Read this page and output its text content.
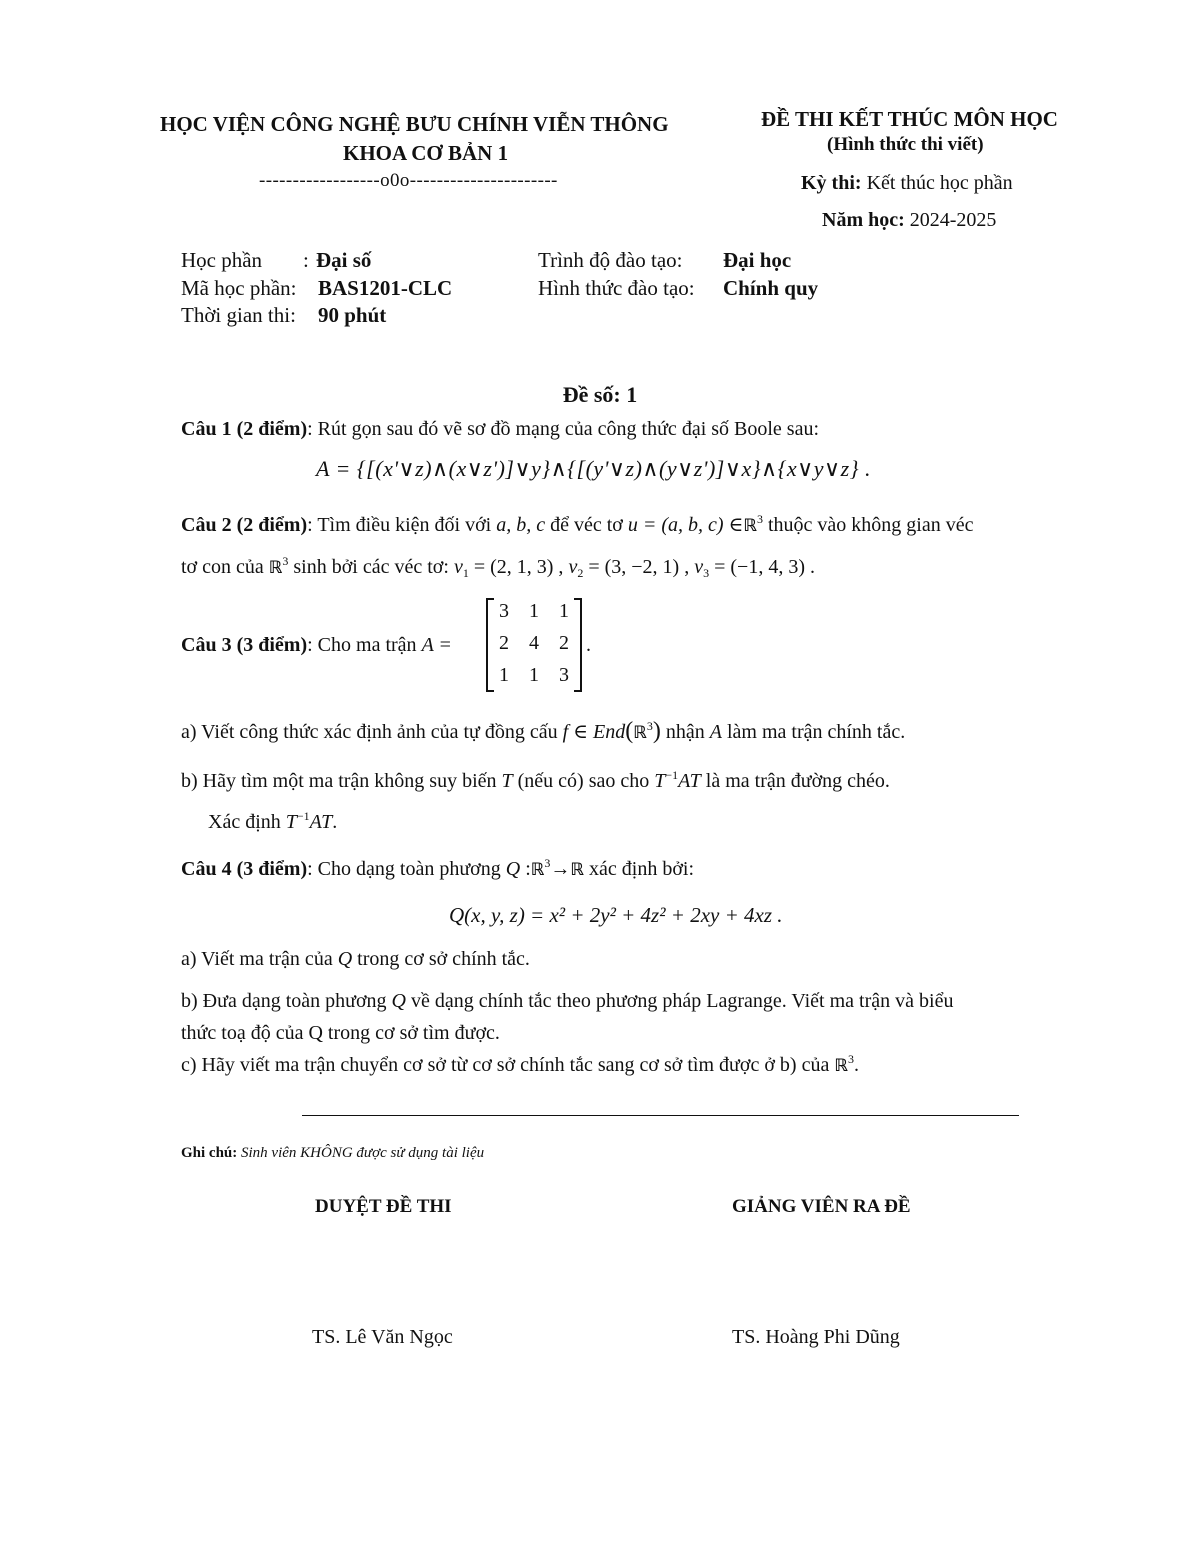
HỌC VIỆN CÔNG NGHỆ BƯU CHÍNH VIỄN THÔNG
KHOA CƠ BẢN 1
------------------o0o----------------------
ĐỀ THI KẾT THÚC MÔN HỌC
(Hình thức thi viết)
Kỳ thi: Kết thúc học phần
Năm học: 2024-2025
Học phần : Đại số
Mã học phần: BAS1201-CLC
Thời gian thi: 90 phút
Trình độ đào tạo: Đại học
Hình thức đào tạo: Chính quy
Đề số: 1
Câu 1 (2 điểm): Rút gọn sau đó vẽ sơ đồ mạng của công thức đại số Boole sau:
A = {[(x'∨z)∧(x∨z')]∨y}∧{[(y'∨z)∧(y∨z')]∨x}∧{x∨y∨z} .
Câu 2 (2 điểm): Tìm điều kiện đối với a, b, c để véc tơ u = (a, b, c) ∈ℝ$^3$ thuộc vào không gian véc
tơ con của ℝ$^3$ sinh bởi các véc tơ: $v_1 = (2$, 1, 3) , $v_2 = (3$, −2, 1) , $v_3 = (-1$, 4, 3) .
Câu 3 (3 điểm): Cho ma trận A =
3	1	1
2	4	2
1	1	3
.
a) Viết công thức xác định ảnh của tự đồng cấu f ∈ End(ℝ$^3$) nhận A làm ma trận chính tắc.
b) Hãy tìm một ma trận không suy biến T (nếu có) sao cho $T^{-1}AT$ là ma trận đường chéo.
Xác định $T^{-1}AT$.
Câu 4 (3 điểm): Cho dạng toàn phương Q :ℝ$^3$→ℝ xác định bởi:
Q(x, y, z) = x² + 2y² + 4z² + 2xy + 4xz .
a) Viết ma trận của Q trong cơ sở chính tắc.
b) Đưa dạng toàn phương Q về dạng chính tắc theo phương pháp Lagrange. Viết ma trận và biểu
thức toạ độ của Q trong cơ sở tìm được.
c) Hãy viết ma trận chuyển cơ sở từ cơ sở chính tắc sang cơ sở tìm được ở b) của ℝ$^3$.
Ghi chú: Sinh viên KHÔNG được sử dụng tài liệu
DUYỆT ĐỀ THI	GIẢNG VIÊN RA ĐỀ
TS. Lê Văn Ngọc	TS. Hoàng Phi Dũng
